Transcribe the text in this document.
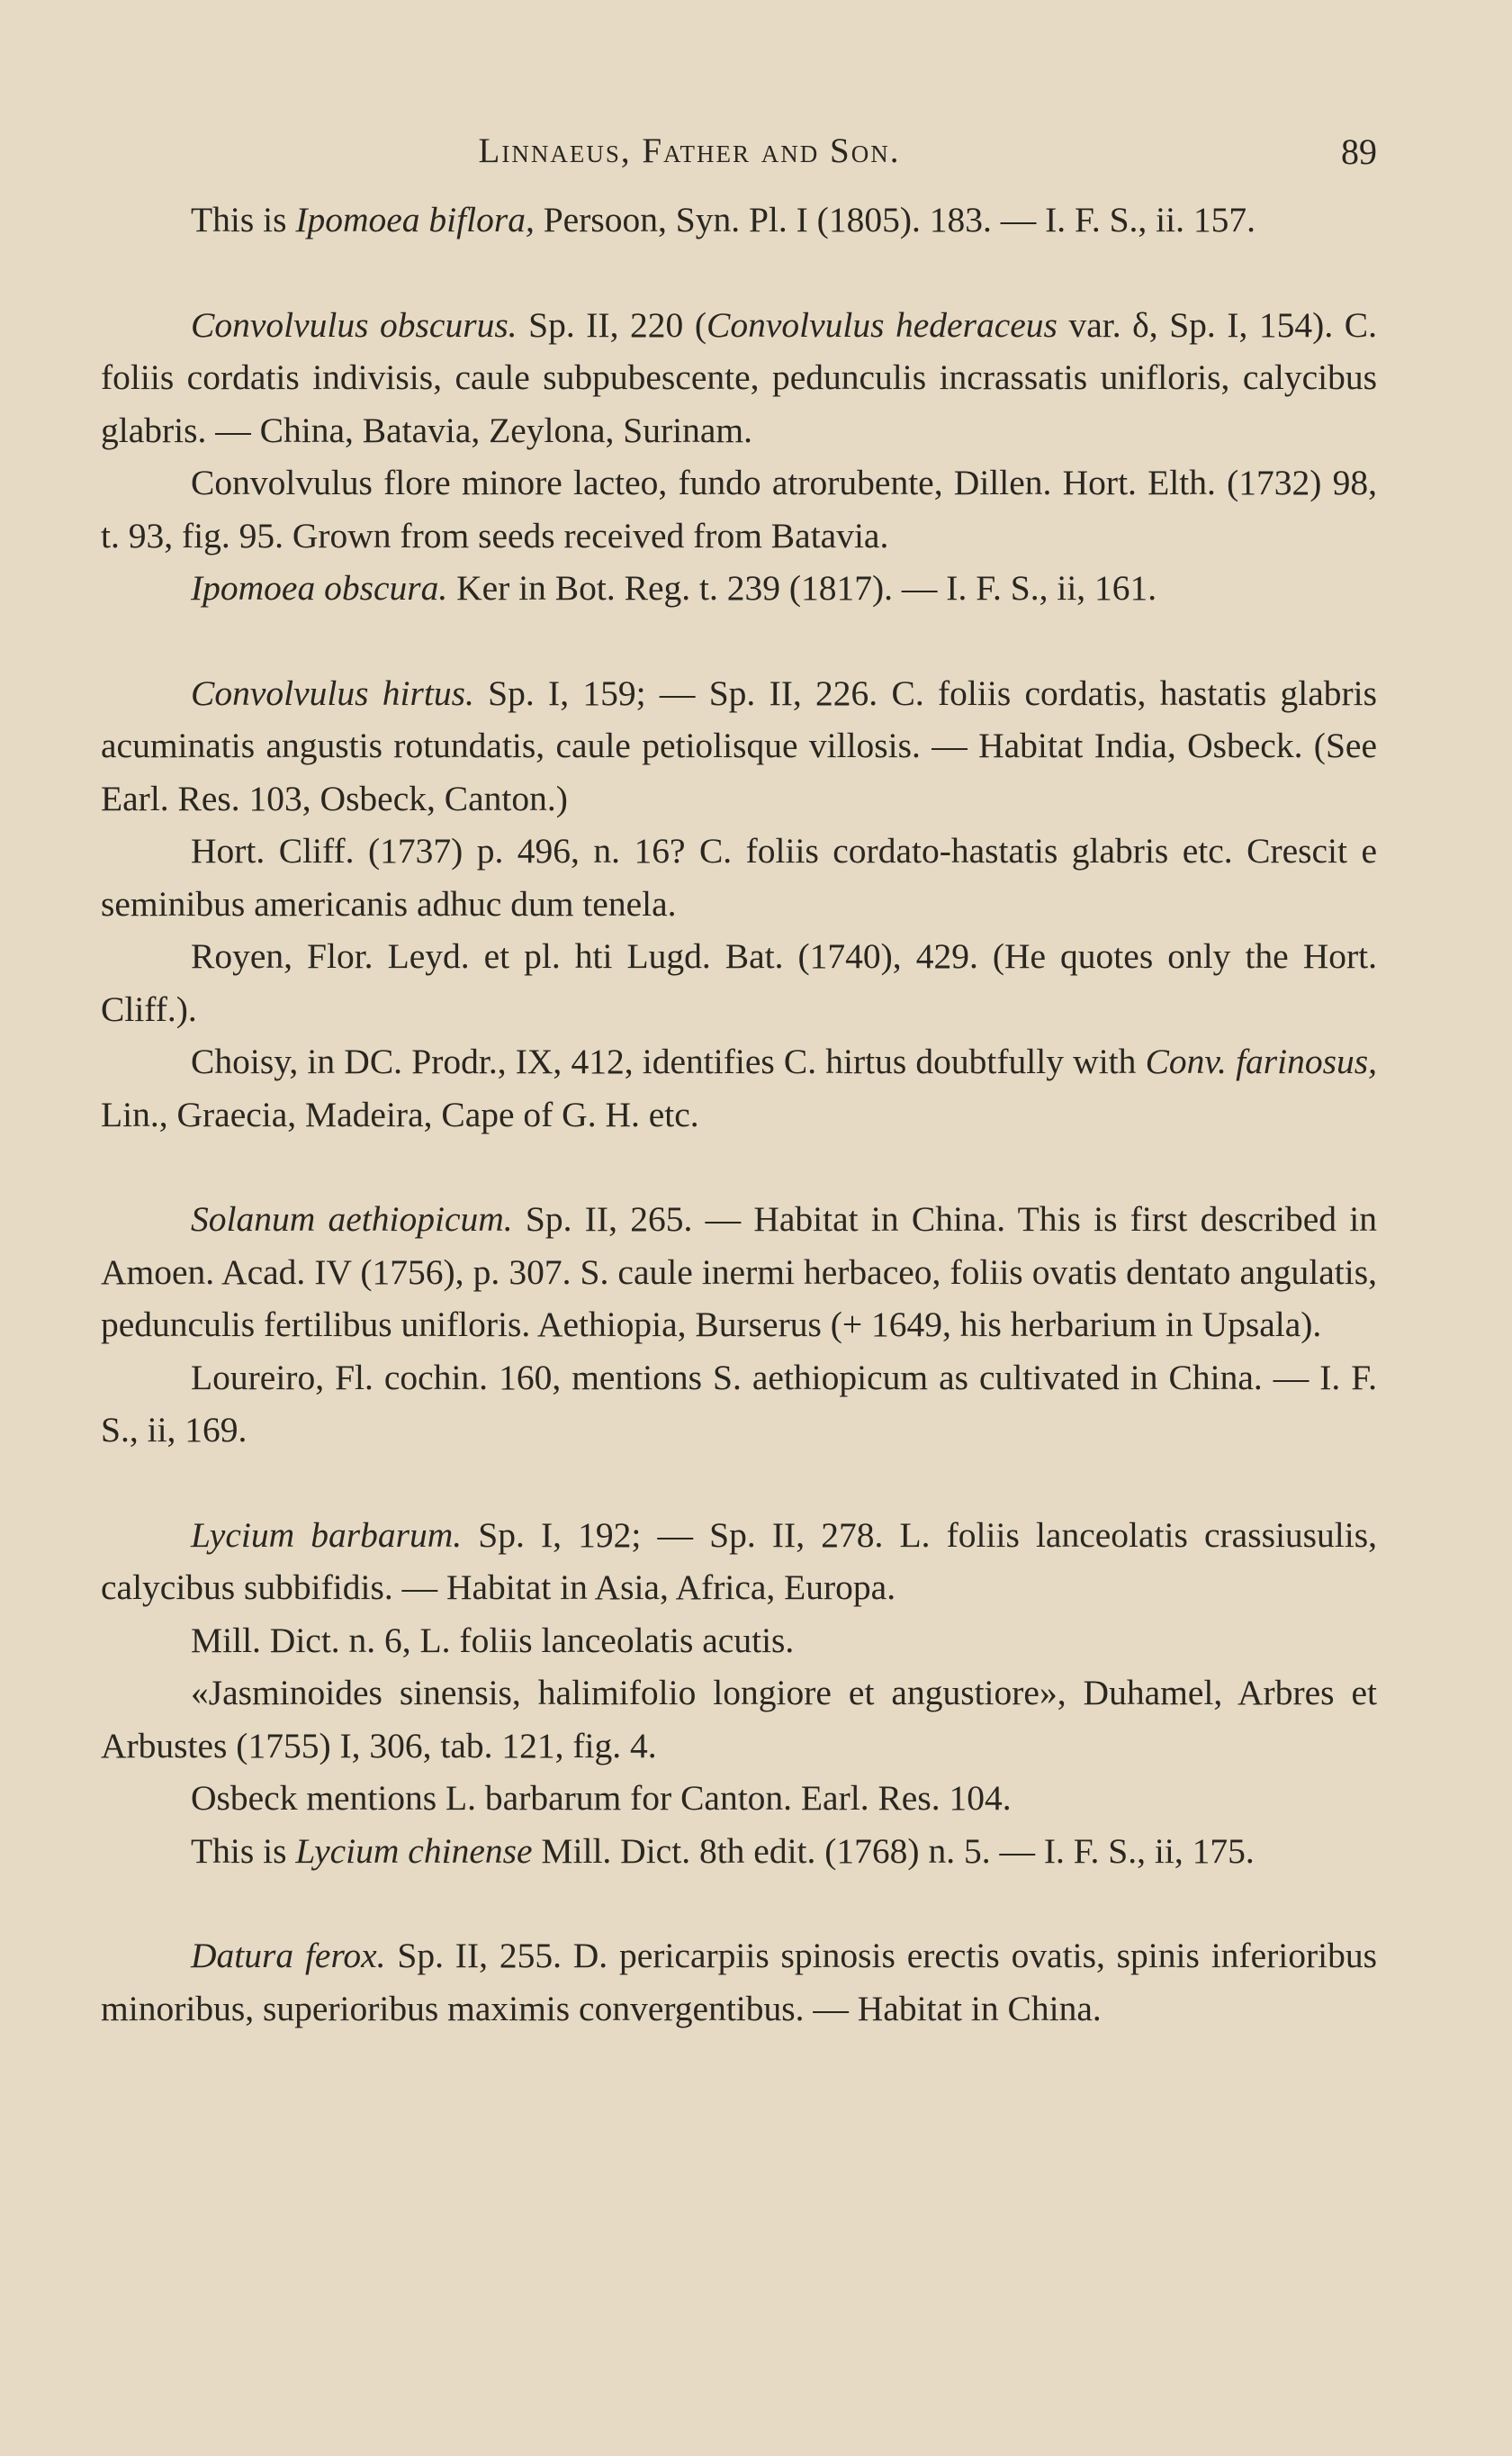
Linnaeus, Father and Son.	89

This is Ipomoea biflora, Persoon, Syn. Pl. I (1805). 183. — I. F. S., ii. 157.

Convolvulus obscurus. Sp. II, 220 (Convolvulus hederaceus var. δ, Sp. I, 154). C. foliis cordatis indivisis, caule subpubescente, pedunculis incrassatis unifloris, calycibus glabris. — China, Batavia, Zeylona, Surinam.

Convolvulus flore minore lacteo, fundo atrorubente, Dillen. Hort. Elth. (1732) 98, t. 93, fig. 95. Grown from seeds received from Batavia.

Ipomoea obscura. Ker in Bot. Reg. t. 239 (1817). — I. F. S., ii, 161.

Convolvulus hirtus. Sp. I, 159; — Sp. II, 226. C. foliis cordatis, hastatis glabris acuminatis angustis rotundatis, caule petiolisque villosis. — Habitat India, Osbeck. (See Earl. Res. 103, Osbeck, Canton.)

Hort. Cliff. (1737) p. 496, n. 16? C. foliis cordato-hastatis glabris etc. Crescit e seminibus americanis adhuc dum tenela.

Royen, Flor. Leyd. et pl. hti Lugd. Bat. (1740), 429. (He quotes only the Hort. Cliff.).

Choisy, in DC. Prodr., IX, 412, identifies C. hirtus doubtfully with Conv. farinosus, Lin., Graecia, Madeira, Cape of G. H. etc.

Solanum aethiopicum. Sp. II, 265. — Habitat in China. This is first described in Amoen. Acad. IV (1756), p. 307. S. caule inermi herbaceo, foliis ovatis dentato angulatis, pedunculis fertilibus unifloris. Aethiopia, Burserus (+ 1649, his herbarium in Upsala).

Loureiro, Fl. cochin. 160, mentions S. aethiopicum as cultivated in China. — I. F. S., ii, 169.

Lycium barbarum. Sp. I, 192; — Sp. II, 278. L. foliis lanceolatis crassiusulis, calycibus subbifidis. — Habitat in Asia, Africa, Europa.

Mill. Dict. n. 6, L. foliis lanceolatis acutis.

«Jasminoides sinensis, halimifolio longiore et angustiore», Duhamel, Arbres et Arbustes (1755) I, 306, tab. 121, fig. 4.

Osbeck mentions L. barbarum for Canton. Earl. Res. 104.

This is Lycium chinense Mill. Dict. 8th edit. (1768) n. 5. — I. F. S., ii, 175.

Datura ferox. Sp. II, 255. D. pericarpiis spinosis erectis ovatis, spinis inferioribus minoribus, superioribus maximis convergentibus. — Habitat in China.
